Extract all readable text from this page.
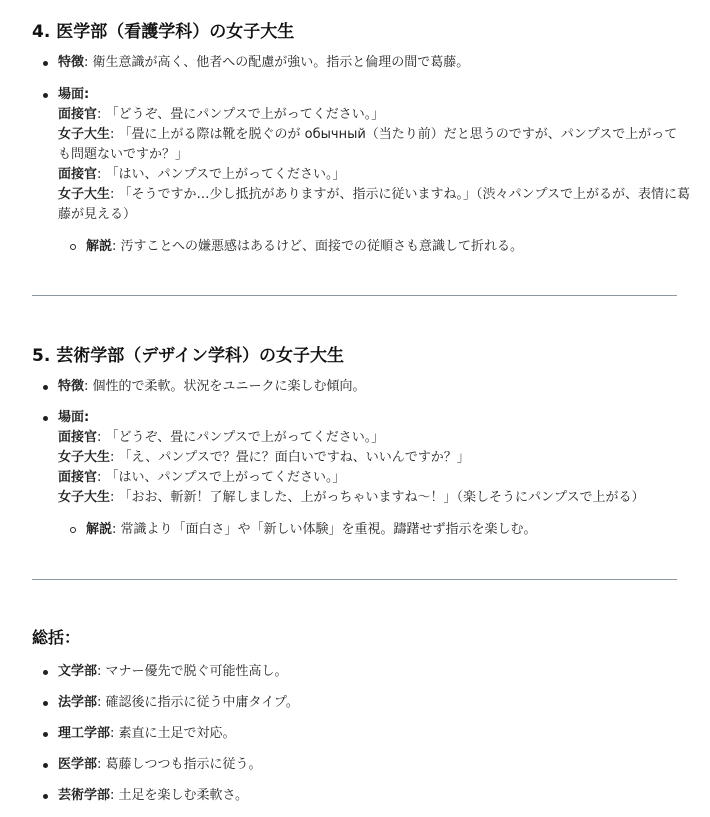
4. 医学部（看護学科）の女子大生
特徴: 衛生意識が高く、他者への配慮が強い。指示と倫理の間で葛藤。
場面:
面接官: 「どうぞ、畳にパンプスで上がってください。」
女子大生: 「畳に上がる際は靴を脱ぐのが обычный（当たり前）だと思うのですが、パンプスで上がっても問題ないですか？」
面接官: 「はい、パンプスで上がってください。」
女子大生: 「そうですか…少し抵抗がありますが、指示に従いますね。」（渋々パンプスで上がるが、表情に葛藤が見える）
解説: 汚すことへの嫌悪感はあるけど、面接での従順さも意識して折れる。
5. 芸術学部（デザイン学科）の女子大生
特徴: 個性的で柔軟。状況をユニークに楽しむ傾向。
場面:
面接官: 「どうぞ、畳にパンプスで上がってください。」
女子大生: 「え、パンプスで？畳に？面白いですね、いいんですか？」
面接官: 「はい、パンプスで上がってください。」
女子大生: 「おお、斬新！了解しました、上がっちゃいますね〜！」（楽しそうにパンプスで上がる）
解説: 常識より「面白さ」や「新しい体験」を重視。躊躇せず指示を楽しむ。
総括：
文学部: マナー優先で脱ぐ可能性高し。
法学部: 確認後に指示に従う中庸タイプ。
理工学部: 素直に土足で対応。
医学部: 葛藤しつつも指示に従う。
芸術学部: 土足を楽しむ柔軟さ。
